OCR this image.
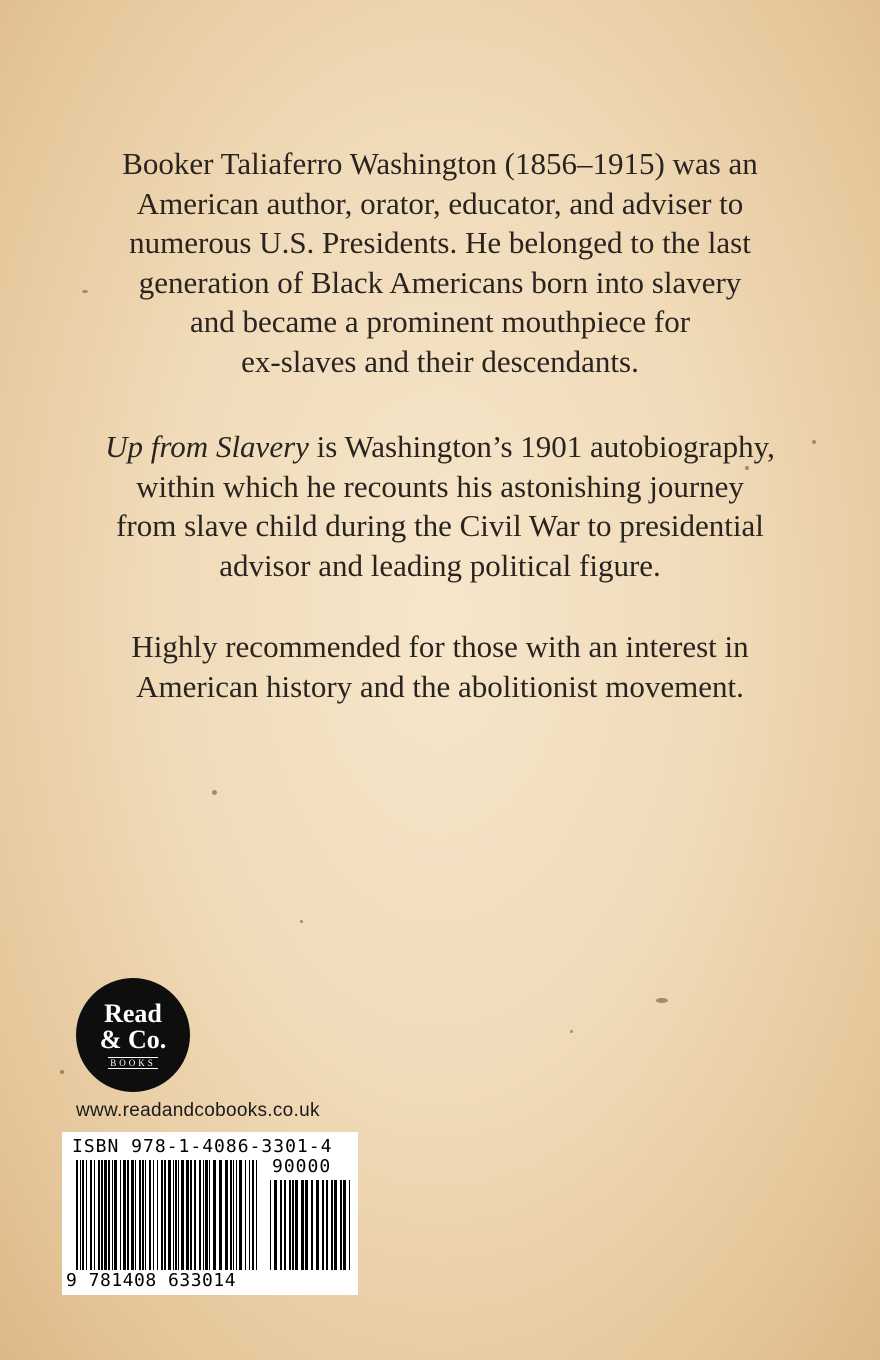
Booker Taliaferro Washington (1856–1915) was an
American author, orator, educator, and adviser to
numerous U.S. Presidents. He belonged to the last
generation of Black Americans born into slavery
and became a prominent mouthpiece for
ex-slaves and their descendants.

Up from Slavery is Washington’s 1901 autobiography,
within which he recounts his astonishing journey
from slave child during the Civil War to presidential
advisor and leading political figure.

Highly recommended for those with an interest in
American history and the abolitionist movement.

Read
& Co.
BOOKS
www.readandcobooks.co.uk
ISBN 978-1-4086-3301-4
90000
9 781408 633014
